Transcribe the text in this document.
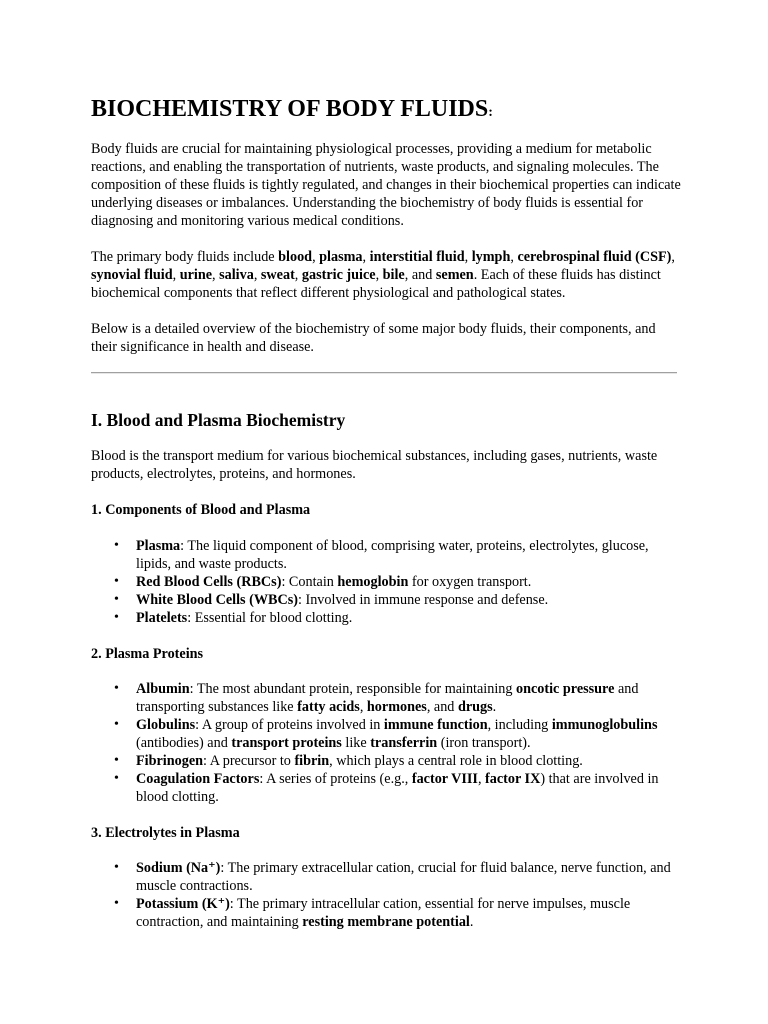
BIOCHEMISTRY OF BODY FLUIDS:

Body fluids are crucial for maintaining physiological processes, providing a medium for metabolic reactions, and enabling the transportation of nutrients, waste products, and signaling molecules. The composition of these fluids is tightly regulated, and changes in their biochemical properties can indicate underlying diseases or imbalances. Understanding the biochemistry of body fluids is essential for diagnosing and monitoring various medical conditions.

The primary body fluids include blood, plasma, interstitial fluid, lymph, cerebrospinal fluid (CSF), synovial fluid, urine, saliva, sweat, gastric juice, bile, and semen. Each of these fluids has distinct biochemical components that reflect different physiological and pathological states.

Below is a detailed overview of the biochemistry of some major body fluids, their components, and their significance in health and disease.

I. Blood and Plasma Biochemistry

Blood is the transport medium for various biochemical substances, including gases, nutrients, waste products, electrolytes, proteins, and hormones.

1. Components of Blood and Plasma
• Plasma: The liquid component of blood, comprising water, proteins, electrolytes, glucose, lipids, and waste products.
• Red Blood Cells (RBCs): Contain hemoglobin for oxygen transport.
• White Blood Cells (WBCs): Involved in immune response and defense.
• Platelets: Essential for blood clotting.
2. Plasma Proteins
• Albumin: The most abundant protein, responsible for maintaining oncotic pressure and transporting substances like fatty acids, hormones, and drugs.
• Globulins: A group of proteins involved in immune function, including immunoglobulins (antibodies) and transport proteins like transferrin (iron transport).
• Fibrinogen: A precursor to fibrin, which plays a central role in blood clotting.
• Coagulation Factors: A series of proteins (e.g., factor VIII, factor IX) that are involved in blood clotting.
3. Electrolytes in Plasma
• Sodium (Na⁺): The primary extracellular cation, crucial for fluid balance, nerve function, and muscle contractions.
• Potassium (K⁺): The primary intracellular cation, essential for nerve impulses, muscle contraction, and maintaining resting membrane potential.
